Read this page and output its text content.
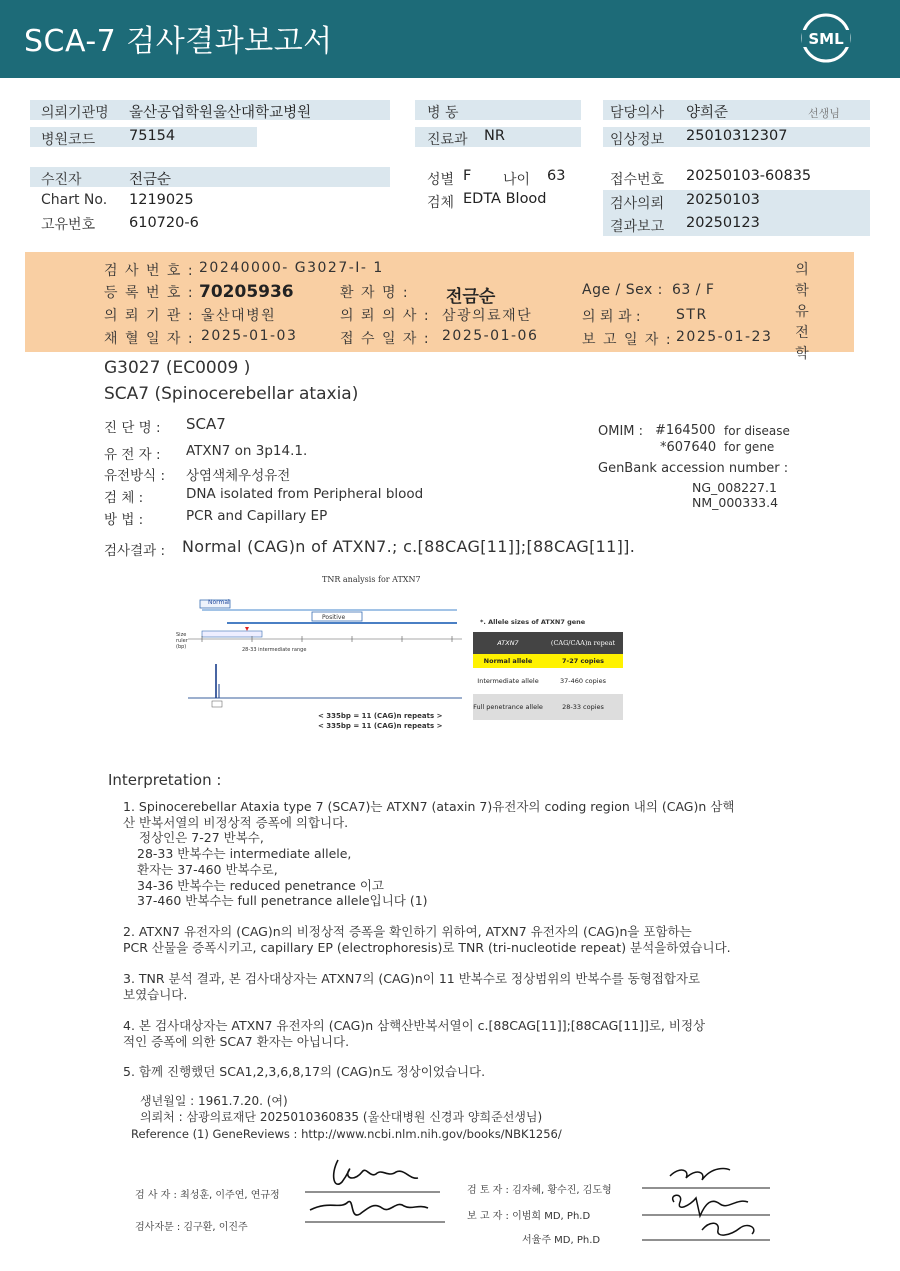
SCA-7 검사결과보고서	SML
의뢰기관명 울산공업학원울산대학교병원
병원코드 75154
병 동
진료과 NR
담당의사 양희준	선생님
임상정보 25010312307
수진자	전금순
Chart No. 1219025
고유번호 610720-6
성별 F 나이 63
검체 EDTA Blood
접수번호 20250103-60835
검사의뢰 20250103
결과보고 20250123
검 사 번 호 : 20240000- G3027-I- 1
등 록 번 호 : 70205936	환 자 명 : 전금순	Age / Sex : 63 / F
의 뢰 기 관 : 울산대병원	의 뢰 의 사 : 삼광의료재단	의 뢰 과 :	STR
채 혈 일 자 : 2025-01-03	접 수 일 자 : 2025-01-06	보 고 일 자 : 2025-01-23
의
학
유
전
학
G3027 (EC0009 )
SCA7 (Spinocerebellar ataxia)
진 단 명 : SCA7
유 전 자 : ATXN7 on 3p14.1.
유전방식 : 상염색체우성유전
검 체 :	DNA isolated from Peripheral blood
방 법 :	PCR and Capillary EP
OMIM : #164500 for disease
*607640 for gene
GenBank accession number :
NG_008227.1
NM_000333.4
검사결과 : Normal (CAG)n of ATXN7.; c.[88CAG[11]];[88CAG[11]].
TNR analysis for ATXN7
Normal
Positive
Size ruler (bp)	28-33 intermediate range
< 335bp = 11 (CAG)n repeats >
< 335bp = 11 (CAG)n repeats >
*. Allele sizes of ATXN7 gene
ATXN7	(CAG/CAA)n repeat
Normal allele	7-27 copies
Intermediate allele	37-460 copies
Full penetrance allele	28-33 copies
Interpretation :
1. Spinocerebellar Ataxia type 7 (SCA7)는 ATXN7 (ataxin 7)유전자의 coding region 내의 (CAG)n 삼핵
산 반복서열의 비정상적 증폭에 의합니다.
정상인은 7-27 반복수,
28-33 반복수는 intermediate allele,
환자는 37-460 반복수로,
34-36 반복수는 reduced penetrance 이고
37-460 반복수는 full penetrance allele입니다 (1)
2. ATXN7 유전자의 (CAG)n의 비정상적 증폭을 확인하기 위하여, ATXN7 유전자의 (CAG)n을 포함하는
PCR 산물을 증폭시키고, capillary EP (electrophoresis)로 TNR (tri-nucleotide repeat) 분석을하였습니다.
3. TNR 분석 결과, 본 검사대상자는 ATXN7의 (CAG)n이 11 반복수로 정상범위의 반복수를 동형접합자로
보였습니다.
4. 본 검사대상자는 ATXN7 유전자의 (CAG)n 삼핵산반복서열이 c.[88CAG[11]];[88CAG[11]]로, 비정상
적인 증폭에 의한 SCA7 환자는 아닙니다.
5. 함께 진행했던 SCA1,2,3,6,8,17의 (CAG)n도 정상이었습니다.
생년월일 : 1961.7.20. (여)
의뢰처 : 삼광의료재단 2025010360835 (울산대병원 신경과 양희준선생님)
Reference (1) GeneReviews : http://www.ncbi.nlm.nih.gov/books/NBK1256/
검 사 자 : 최성훈, 이주연, 연규정
검사자문 : 김구환, 이진주
검 토 자 : 김자혜, 황수진, 김도형
보 고 자 : 이범희 MD, Ph.D
서율주 MD, Ph.D
